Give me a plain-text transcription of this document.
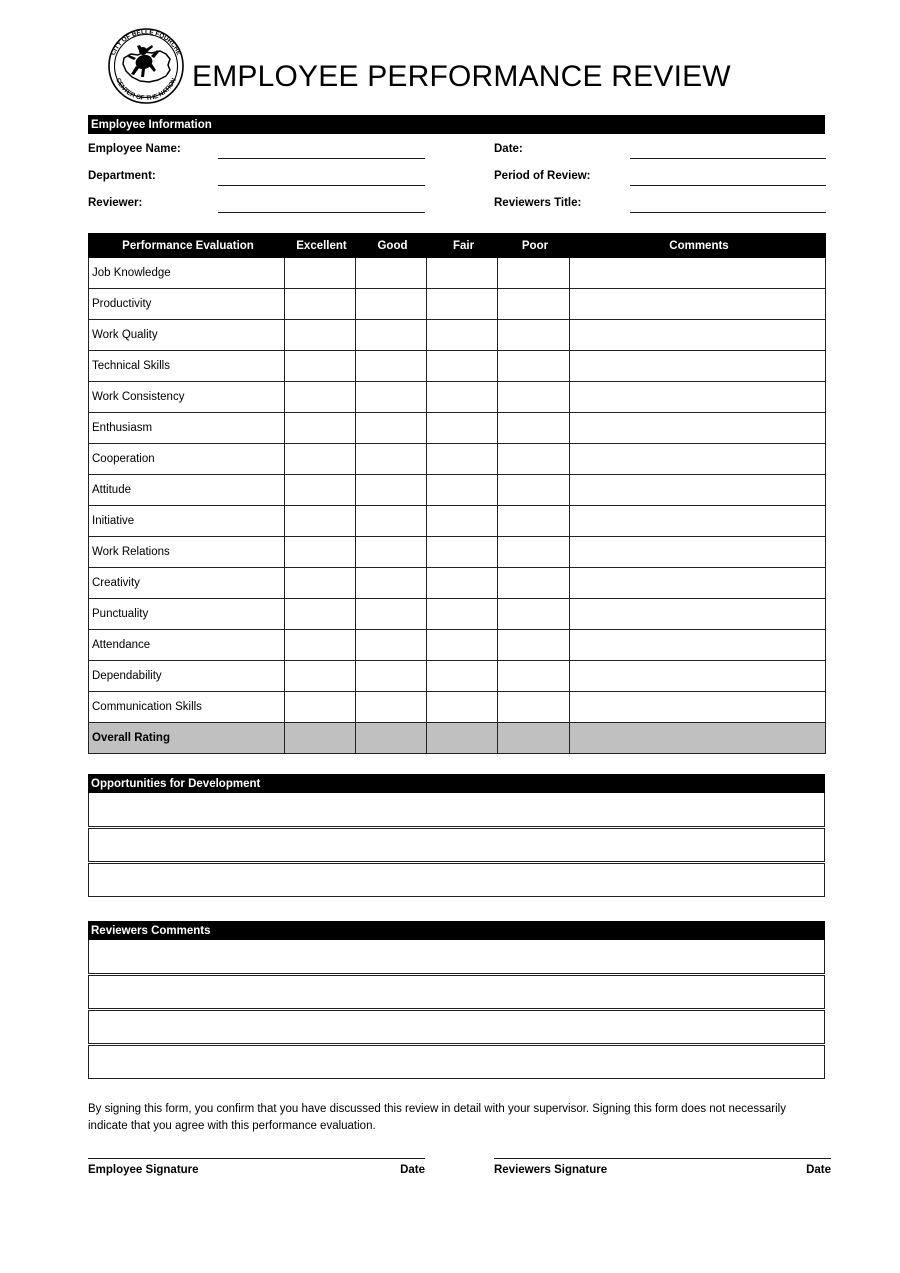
CITY OF BELLE FOURCHE
CENTER OF THE NATION EMPLOYEE PERFORMANCE REVIEW
Employee Information
Employee Name:	Date:
Department:	Period of Review:
Reviewer:	Reviewers Title:
Performance Evaluation	Excellent	Good	Fair	Poor	Comments
Job Knowledge					
Productivity					
Work Quality					
Technical Skills					
Work Consistency					
Enthusiasm					
Cooperation					
Attitude					
Initiative					
Work Relations					
Creativity					
Punctuality					
Attendance					
Dependability					
Communication Skills					
Overall Rating					
Opportunities for Development
Reviewers Comments
By signing this form, you confirm that you have discussed this review in detail with your supervisor. Signing this form does not necessarily indicate that you agree with this performance evaluation.
Employee Signature	Date	Reviewers Signature	Date
